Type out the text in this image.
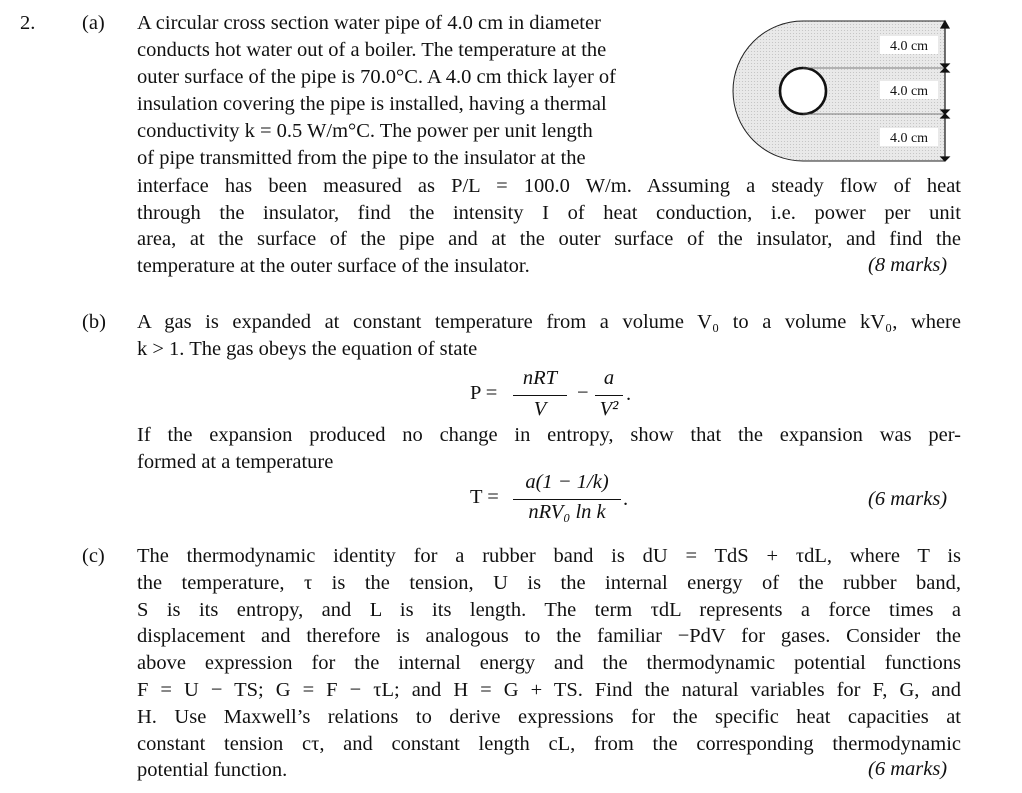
2. (a) A circular cross section water pipe of 4.0 cm in diameter

conducts hot water out of a boiler. The temperature at the

outer surface of the pipe is 70.0°C. A 4.0 cm thick layer of

insulation covering the pipe is installed, having a thermal

conductivity k = 0.5 W/m°C. The power per unit length

of pipe transmitted from the pipe to the insulator at the

interface has been measured as P/L = 100.0 W/m. Assuming a steady flow of heat

through the insulator, find the intensity I of heat conduction, i.e. power per unit

area, at the surface of the pipe and at the outer surface of the insulator, and find the

temperature at the outer surface of the insulator.	(8 marks)
4.0 cm
4.0 cm
4.0 cm

(b) A gas is expanded at constant temperature from a volume V₀ to a volume kV₀, where

k > 1. The gas obeys the equation of state

P =
nRT
V
−
a
V²
.

If the expansion produced no change in entropy, show that the expansion was per-

formed at a temperature

T =
a(1 − 1/k)
nRV₀ ln k
.	(6 marks)

(c) The thermodynamic identity for a rubber band is dU = TdS + τdL, where T is

the temperature, τ is the tension, U is the internal energy of the rubber band,

S is its entropy, and L is its length. The term τdL represents a force times a

displacement and therefore is analogous to the familiar −PdV for gases. Consider the

above expression for the internal energy and the thermodynamic potential functions

F = U − TS; G = F − τL; and H = G + TS. Find the natural variables for F, G, and

H. Use Maxwell’s relations to derive expressions for the specific heat capacities at

constant tension cτ, and constant length cL, from the corresponding thermodynamic

potential function.	(6 marks)
